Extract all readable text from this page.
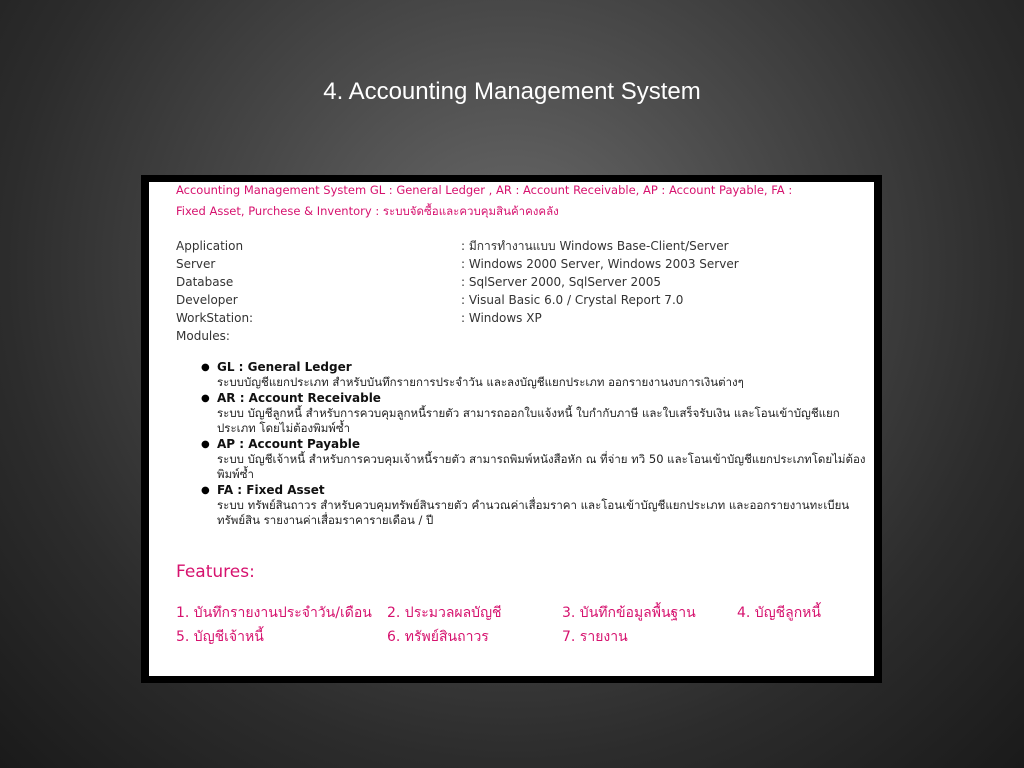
4. Accounting Management System
Accounting Management System GL : General Ledger , AR : Account Receivable, AP : Account Payable, FA :
Fixed Asset, Purchese & Inventory : ระบบจัดซื้อและควบคุมสินค้าคงคลัง
Application	: มีการทำงานแบบ Windows Base-Client/Server
Server	: Windows 2000 Server, Windows 2003 Server
Database	: SqlServer 2000, SqlServer 2005
Developer	: Visual Basic 6.0 / Crystal Report 7.0
WorkStation:	: Windows XP
Modules:
● GL : General Ledger
ระบบบัญชีแยกประเภท สำหรับบันทึกรายการประจำวัน และลงบัญชีแยกประเภท ออกรายงานงบการเงินต่างๆ
● AR : Account Receivable
ระบบ บัญชีลูกหนี้ สำหรับการควบคุมลูกหนี้รายตัว สามารถออกใบแจ้งหนี้ ใบกำกับภาษี และใบเสร็จรับเงิน และโอนเข้าบัญชีแยกประเภท โดยไม่ต้องพิมพ์ซ้ำ
● AP : Account Payable
ระบบ บัญชีเจ้าหนี้ สำหรับการควบคุมเจ้าหนี้รายตัว สามารถพิมพ์หนังสือหัก ณ ที่จ่าย ทวิ 50 และโอนเข้าบัญชีแยกประเภทโดยไม่ต้องพิมพ์ซ้ำ
● FA : Fixed Asset
ระบบ ทรัพย์สินถาวร สำหรับควบคุมทรัพย์สินรายตัว คำนวณค่าเสื่อมราคา และโอนเข้าบัญชีแยกประเภท และออกรายงานทะเบียนทรัพย์สิน รายงานค่าเสื่อมราคารายเดือน / ปี
Features:
1. บันทึกรายงานประจำวัน/เดือน 2. ประมวลผลบัญชี	3. บันทึกข้อมูลพื้นฐาน	4. บัญชีลูกหนี้
5. บัญชีเจ้าหนี้	6. ทรัพย์สินถาวร	7. รายงาน
